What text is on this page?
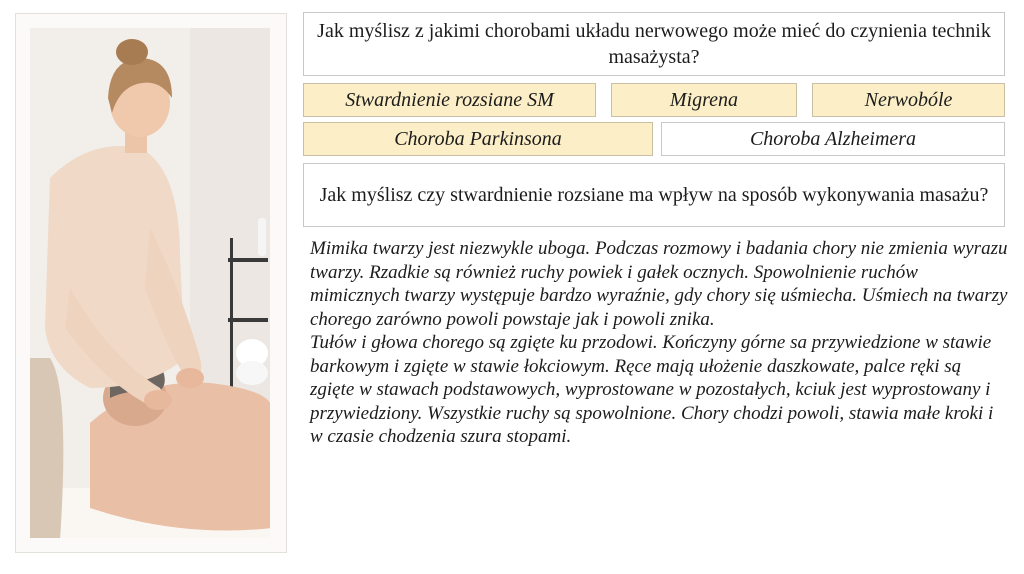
Jak myślisz z jakimi chorobami układu nerwowego może mieć do czynienia technik masażysta?
Stwardnienie rozsiane SM	Migrena	Nerwobóle
Choroba Parkinsona	Choroba Alzheimera
Jak myślisz czy stwardnienie rozsiane ma wpływ na sposób wykonywania masażu?

Mimika twarzy jest niezwykle uboga. Podczas rozmowy i badania chory nie zmienia wyrazu twarzy. Rzadkie są również ruchy powiek i gałek ocznych. Spowolnienie ruchów mimicznych twarzy występuje bardzo wyraźnie, gdy chory się uśmiecha. Uśmiech na twarzy chorego zarówno powoli powstaje jak i powoli znika.

Tułów i głowa chorego są zgięte ku przodowi. Kończyny górne sa przywiedzione w stawie barkowym i zgięte w stawie łokciowym. Ręce mają ułożenie daszkowate, palce ręki są zgięte w stawach podstawowych, wyprostowane w pozostałych, kciuk jest wyprostowany i przywiedziony. Wszystkie ruchy są spowolnione. Chory chodzi powoli, stawia małe kroki i w czasie chodzenia szura stopami.
